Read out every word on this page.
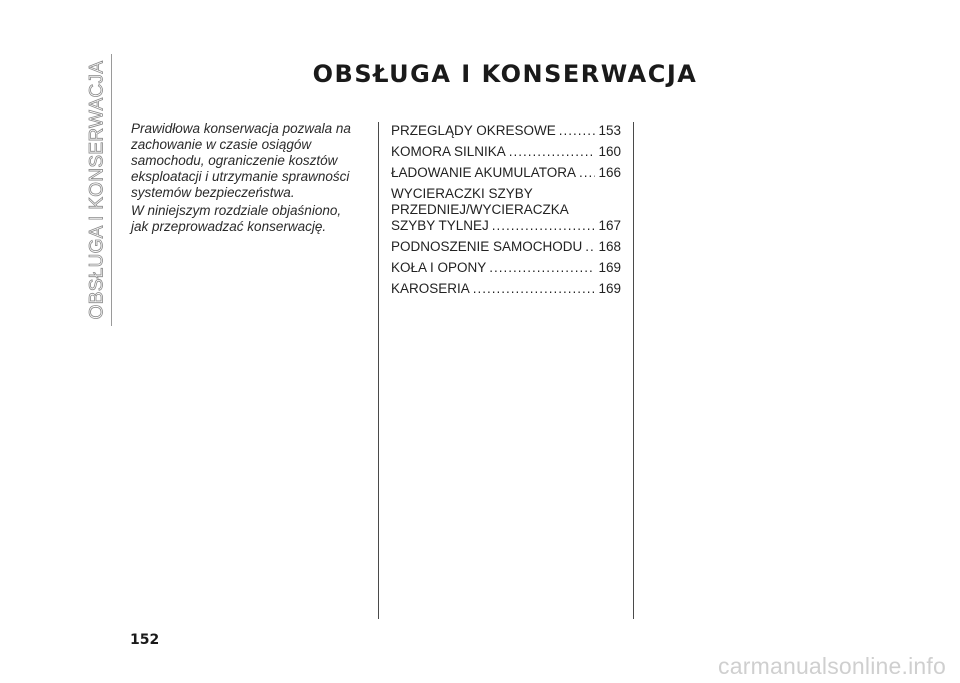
OBSŁUGA I KONSERWACJA	OBSŁUGA I KONSERWACJA

Prawidłowa konserwacja pozwala na zachowanie w czasie osiągów samochodu, ograniczenie kosztów eksploatacji i utrzymanie sprawności systemów bezpieczeństwa.

W niniejszym rozdziale objaśniono, jak przeprowadzać konserwację.

PRZEGLĄDY OKRESOWE .....	153
KOMORA SILNIKA .....	160
ŁADOWANIE AKUMULATORA ..... 166
WYCIERACZKI SZYBY
PRZEDNIEJ/WYCIERACZKA
SZYBY TYLNEJ .....	167
PODNOSZENIE SAMOCHODU ..... 168
KOŁA I OPONY .....	169
KAROSERIA .....	169
152
carmanualsonline.info
